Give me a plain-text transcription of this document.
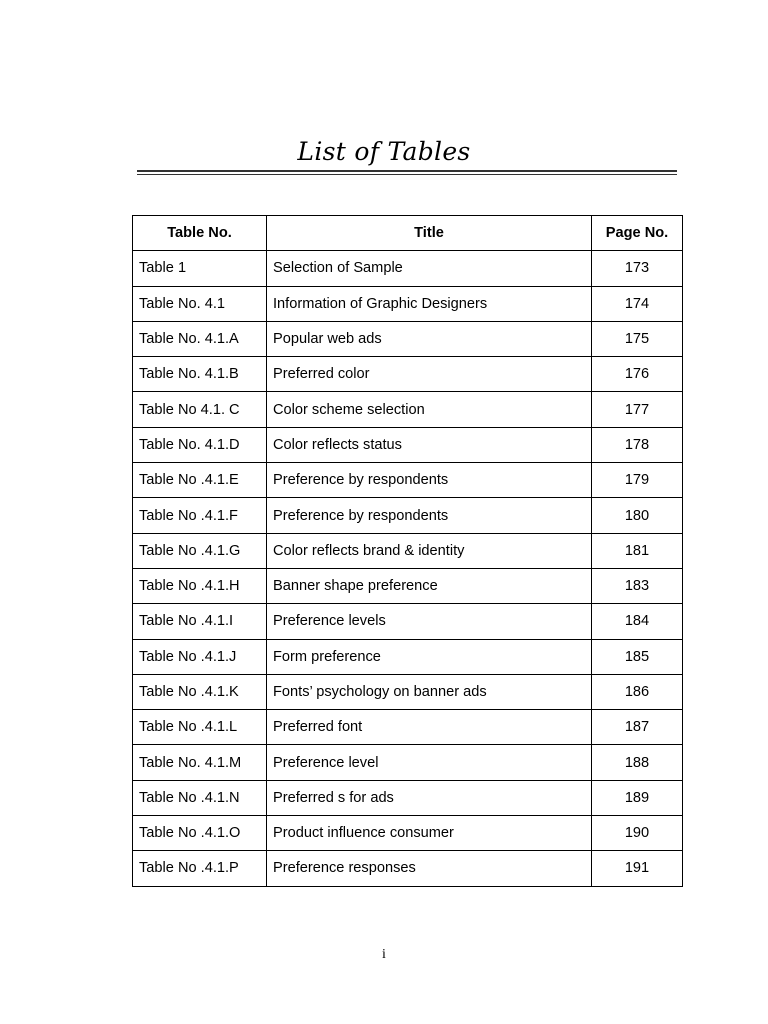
List of Tables
Table No.	Title	Page No.
Table 1	Selection of Sample	173
Table No. 4.1	Information of Graphic Designers	174
Table No. 4.1.A	Popular web ads	175
Table No. 4.1.B	Preferred color	176
Table No 4.1. C	Color scheme selection	177
Table No. 4.1.D	Color reflects status	178
Table No .4.1.E	Preference by respondents	179
Table No .4.1.F	Preference by respondents	180
Table No .4.1.G	Color reflects brand & identity	181
Table No .4.1.H	Banner shape preference	183
Table No .4.1.I	Preference levels	184
Table No .4.1.J	Form preference	185
Table No .4.1.K	Fonts’ psychology on banner ads	186
Table No .4.1.L	Preferred font	187
Table No. 4.1.M	Preference level	188
Table No .4.1.N	Preferred s for ads	189
Table No .4.1.O	Product influence consumer	190
Table No .4.1.P	Preference responses	191
i
